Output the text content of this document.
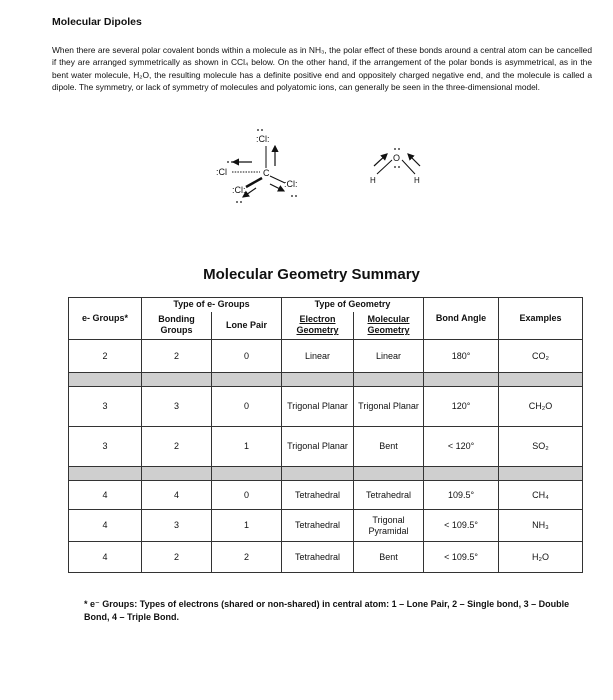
Molecular Dipoles

When there are several polar covalent bonds within a molecule as in NH₃, the polar effect of these bonds around a central atom can be cancelled if they are arranged symmetrically as shown in CCl₄ below. On the other hand, if the arrangement of the polar bonds is asymmetrical, as in the bent water molecule, H₂O, the resulting molecule has a definite positive end and oppositely charged negative end, and the molecule is called a dipole. The symmetry, or lack of symmetry of molecules and polyatomic ions, can generally be seen in the three-dimensional model.

:Cl:
:Cl	C
:Cl:
:Cl:
O
H	H
Molecular Geometry Summary
e- Groups*	Type of e- Groups		Type of Geometry		Bond Angle	Examples
	Bonding Groups	Lone Pair	Electron Geometry	Molecular Geometry		
2	2	0	Linear	Linear	180°	CO₂

3	3	0	Trigonal Planar	Trigonal Planar	120°	CH₂O
3	2	1	Trigonal Planar	Bent	< 120°	SO₂

4	4	0	Tetrahedral	Tetrahedral	109.5°	CH₄
4	3	1	Tetrahedral	Trigonal Pyramidal	< 109.5°	NH₃
4	2	2	Tetrahedral	Bent	< 109.5°	H₂O

* e⁻ Groups: Types of electrons (shared or non-shared) in central atom: 1 – Lone Pair, 2 – Single bond, 3 – Double Bond, 4 – Triple Bond.
